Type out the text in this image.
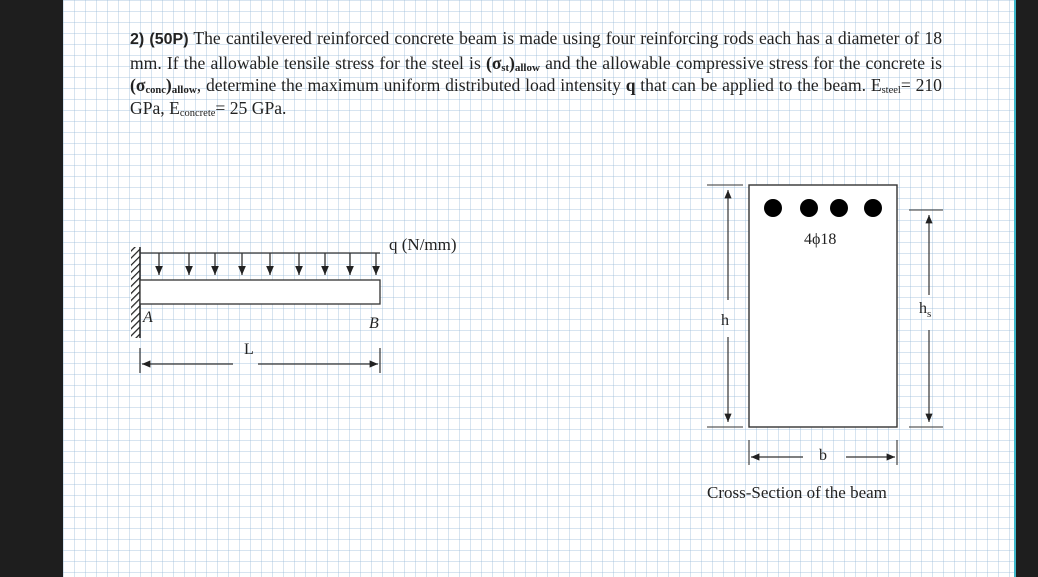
2) (50P) The cantilevered reinforced concrete beam is made using four reinforcing rods each has a diameter of 18 mm. If the allowable tensile stress for the steel is $(\sigma_{st})allow$ and the allowable compressive stress for the concrete is $(\sigma_{conc})allow$, determine the maximum uniform distributed load intensity q that can be applied to the beam. $E_{steel}= 210$ GPa, $E_{concrete}= 25$ GPa.
q (N/mm)
A	B
L
4ϕ18
h
$h_s$
b
Cross-Section of the beam
